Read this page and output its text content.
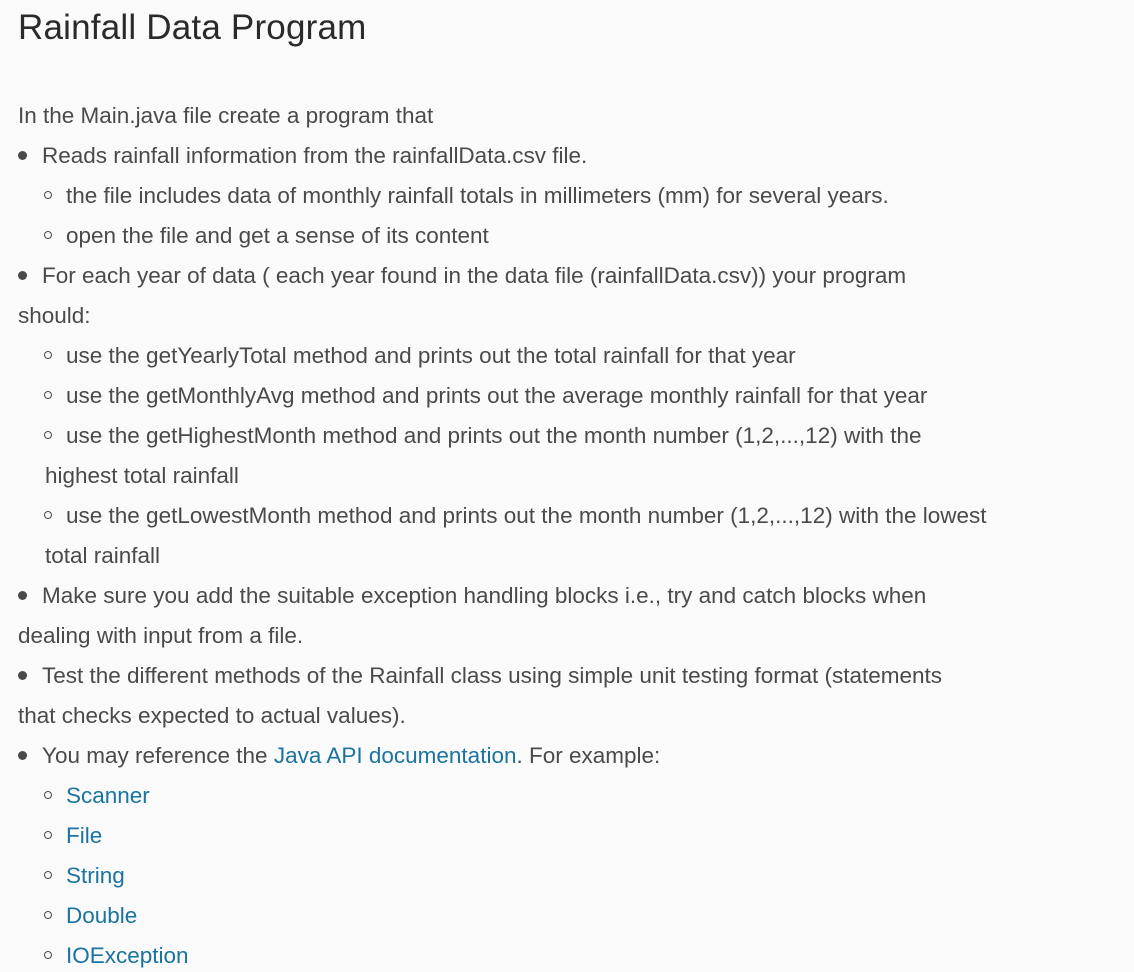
Rainfall Data Program
In the Main.java file create a program that
Reads rainfall information from the rainfallData.csv file.
the file includes data of monthly rainfall totals in millimeters (mm) for several years.
open the file and get a sense of its content
For each year of data ( each year found in the data file (rainfallData.csv)) your program
should:
use the getYearlyTotal method and prints out the total rainfall for that year
use the getMonthlyAvg method and prints out the average monthly rainfall for that year
use the getHighestMonth method and prints out the month number (1,2,...,12) with the
highest total rainfall
use the getLowestMonth method and prints out the month number (1,2,...,12) with the lowest
total rainfall
Make sure you add the suitable exception handling blocks i.e., try and catch blocks when
dealing with input from a file.
Test the different methods of the Rainfall class using simple unit testing format (statements
that checks expected to actual values).
You may reference the Java API documentation. For example:
Scanner
File
String
Double
IOException
